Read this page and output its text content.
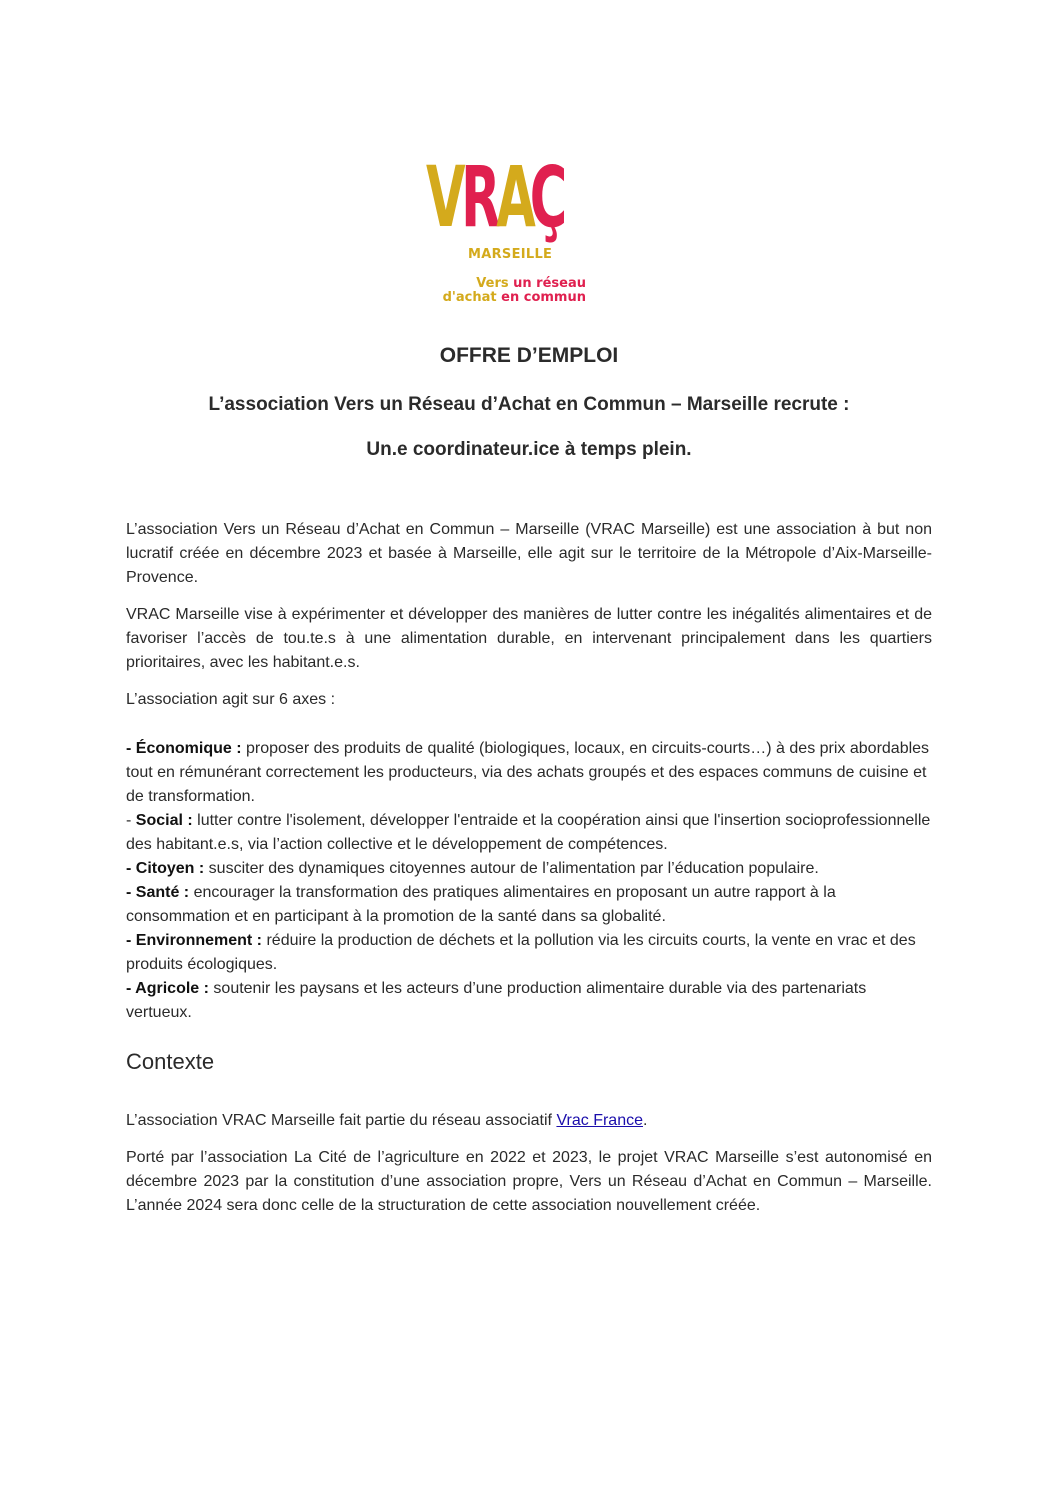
VRAÇ
MARSEILLE
Vers un réseau
d'achat en commun
OFFRE D’EMPLOI
L’association Vers un Réseau d’Achat en Commun – Marseille recrute :
Un.e coordinateur.ice à temps plein.

L’association Vers un Réseau d’Achat en Commun – Marseille (VRAC Marseille) est une association à but non lucratif créée en décembre 2023 et basée à Marseille, elle agit sur le territoire de la Métropole d’Aix-Marseille-Provence.

VRAC Marseille vise à expérimenter et développer des manières de lutter contre les inégalités alimentaires et de favoriser l’accès de tou.te.s à une alimentation durable, en intervenant principalement dans les quartiers prioritaires, avec les habitant.e.s.

L’association agit sur 6 axes :

- Économique : proposer des produits de qualité (biologiques, locaux, en circuits-courts…) à des prix abordables tout en rémunérant correctement les producteurs, via des achats groupés et des espaces communs de cuisine et de transformation.

- Social : lutter contre l'isolement, développer l'entraide et la coopération ainsi que l'insertion socioprofessionnelle des habitant.e.s, via l’action collective et le développement de compétences.

- Citoyen : susciter des dynamiques citoyennes autour de l’alimentation par l’éducation populaire.

- Santé : encourager la transformation des pratiques alimentaires en proposant un autre rapport à la consommation et en participant à la promotion de la santé dans sa globalité.

- Environnement : réduire la production de déchets et la pollution via les circuits courts, la vente en vrac et des produits écologiques.

- Agricole : soutenir les paysans et les acteurs d’une production alimentaire durable via des partenariats vertueux.

Contexte

L’association VRAC Marseille fait partie du réseau associatif Vrac France.

Porté par l’association La Cité de l’agriculture en 2022 et 2023, le projet VRAC Marseille s’est autonomisé en décembre 2023 par la constitution d’une association propre, Vers un Réseau d’Achat en Commun – Marseille. L’année 2024 sera donc celle de la structuration de cette association nouvellement créée.
